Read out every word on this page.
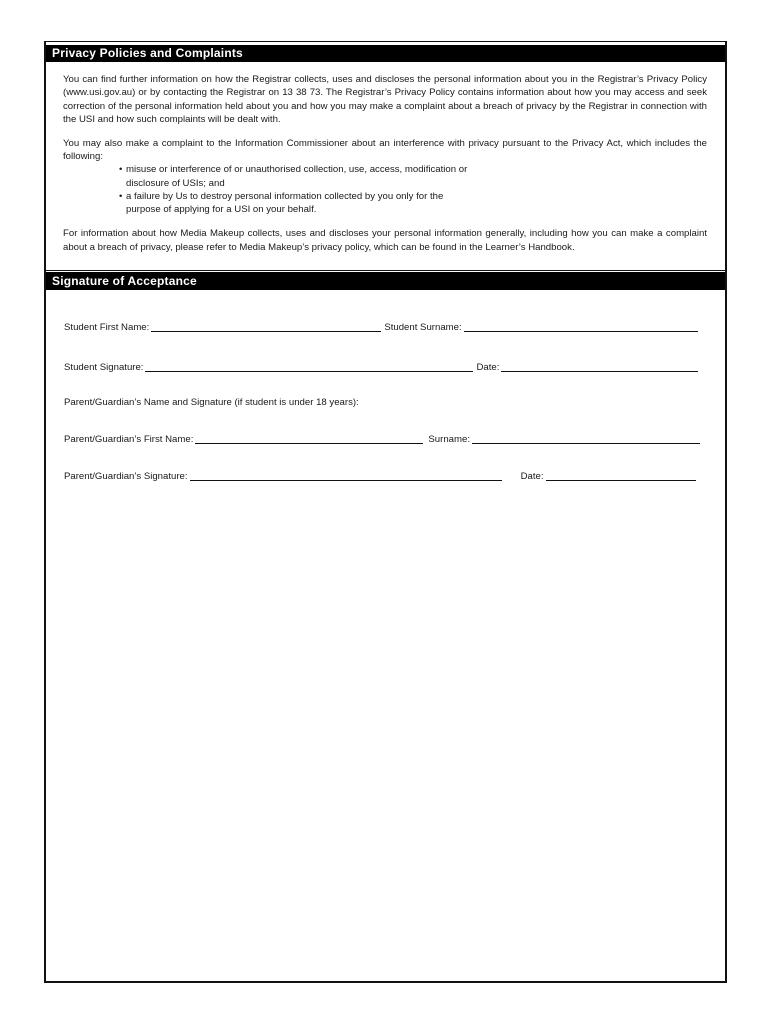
Privacy Policies and Complaints

You can find further information on how the Registrar collects, uses and discloses the personal information about you in the Registrar’s Privacy Policy (www.usi.gov.au) or by contacting the Registrar on 13 38 73. The Registrar’s Privacy Policy contains information about how you may access and seek correction of the personal information held about you and how you may make a complaint about a breach of privacy by the Registrar in connection with the USI and how such complaints will be dealt with.

You may also make a complaint to the Information Commissioner about an interference with privacy pursuant to the Privacy Act, which includes the following:

• misuse or interference of or unauthorised collection, use, access, modification or disclosure of USIs; and
• a failure by Us to destroy personal information collected by you only for the purpose of applying for a USI on your behalf.

For information about how Media Makeup collects, uses and discloses your personal information generally, including how you can make a complaint about a breach of privacy, please refer to Media Makeup’s privacy policy, which can be found in the Learner’s Handbook.

Signature of Acceptance
Student First Name:	Student Surname:
Student Signature:	Date:
Parent/Guardian’s Name and Signature (if student is under 18 years):
Parent/Guardian’s First Name:	Surname:
Parent/Guardian’s Signature:	Date:
